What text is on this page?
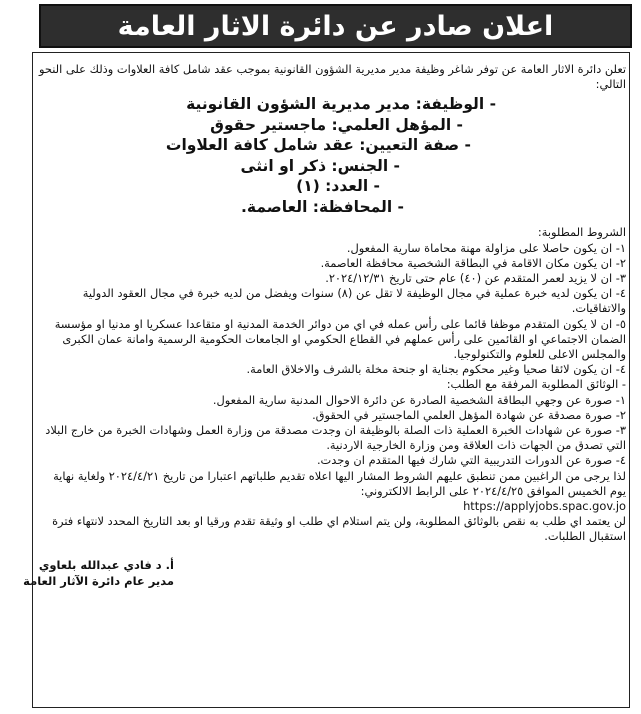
اعلان صادر عن دائرة الاثار العامة

تعلن دائرة الاثار العامة عن توفر شاغر وظيفة مدير مديرية الشؤون القانونية بموجب عقد شامل كافة العلاوات وذلك على النحو التالي:

- الوظيفة: مدير مديرية الشؤون القانونية
- المؤهل العلمي: ماجستير حقوق
- صفة التعيين: عقد شامل كافة العلاوات
- الجنس: ذكر او انثى
- العدد: (١)
- المحافظة: العاصمة.
الشروط المطلوبة:
١- ان يكون حاصلا على مزاولة مهنة محاماة سارية المفعول.
٢- ان يكون مكان الاقامة في البطاقة الشخصية محافظة العاصمة.
٣- ان لا يزيد لعمر المتقدم عن (٤٠) عام حتى تاريخ ٢٠٢٤/١٢/٣١.
٤- ان يكون لديه خبرة عملية في مجال الوظيفة لا تقل عن (٨) سنوات ويفضل من لديه خبرة في مجال العقود الدولية والاتفاقيات.
٥- ان لا يكون المتقدم موظفا قائما على رأس عمله في اي من دوائر الخدمة المدنية او متقاعدا عسكريا او مدنيا او مؤسسة الضمان الاجتماعي او القائمين على رأس عملهم في القطاع الحكومي او الجامعات الحكومية الرسمية وامانة عمان الكبرى والمجلس الاعلى للعلوم والتكنولوجيا.
٤- ان يكون لائقا صحيا وغير محكوم بجناية او جنحة مخلة بالشرف والاخلاق العامة.
- الوثائق المطلوبة المرفقة مع الطلب:
١- صورة عن وجهي البطاقة الشخصية الصادرة عن دائرة الاحوال المدنية سارية المفعول.
٢- صورة مصدقة عن شهادة المؤهل العلمي الماجستير في الحقوق.
٣- صورة عن شهادات الخبرة العملية ذات الصلة بالوظيفة ان وجدت مصدقة من وزارة العمل وشهادات الخبرة من خارج البلاد التي تصدق من الجهات ذات العلاقة ومن وزارة الخارجية الاردنية.
٤- صورة عن الدورات التدريبية التي شارك فيها المتقدم ان وجدت.
لذا يرجى من الراغبين ممن تنطبق عليهم الشروط المشار اليها اعلاه تقديم طلباتهم اعتبارا من تاريخ ٢٠٢٤/٤/٢١ ولغاية نهاية يوم الخميس الموافق ٢٠٢٤/٤/٢٥ على الرابط الالكتروني:
https://applyjobs.spac.gov.jo
لن يعتمد اي طلب به نقص بالوثائق المطلوبة، ولن يتم استلام اي طلب او وثيقة تقدم ورقيا او بعد التاريخ المحدد لانتهاء فترة استقبال الطلبات.
أ. د فادي عبدالله بلعاوي
مدير عام دائرة الآثار العامة
